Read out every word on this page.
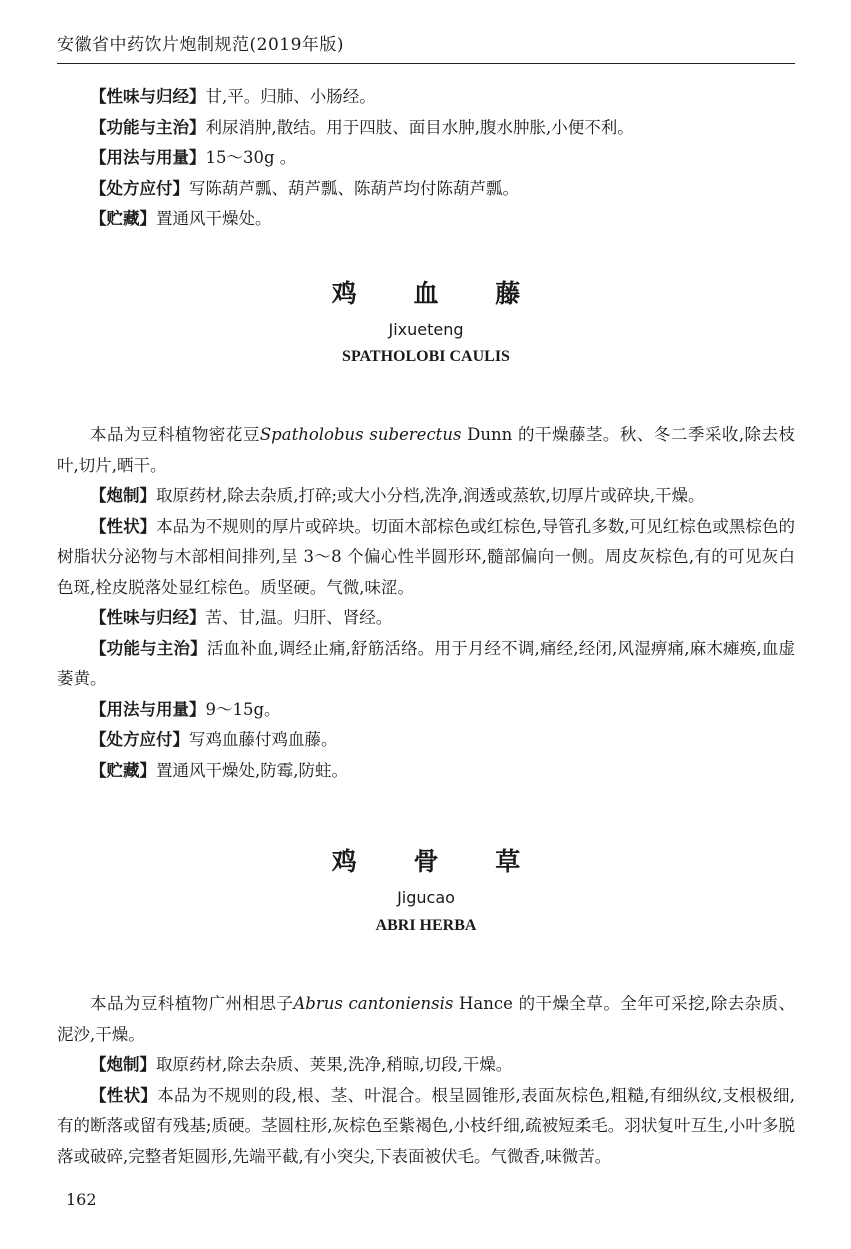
安徽省中药饮片炮制规范(2019年版)

【性味与归经】甘,平。归肺、小肠经。

【功能与主治】利尿消肿,散结。用于四肢、面目水肿,腹水肿胀,小便不利。

【用法与用量】15～30g 。

【处方应付】写陈葫芦瓢、葫芦瓢、陈葫芦均付陈葫芦瓢。

【贮藏】置通风干燥处。

鸡 血 藤
Jixueteng
SPATHOLOBI CAULIS

本品为豆科植物密花豆Spatholobus suberectus Dunn 的干燥藤茎。秋、冬二季采收,除去枝叶,切片,晒干。

【炮制】取原药材,除去杂质,打碎;或大小分档,洗净,润透或蒸软,切厚片或碎块,干燥。

【性状】本品为不规则的厚片或碎块。切面木部棕色或红棕色,导管孔多数,可见红棕色或黑棕色的树脂状分泌物与木部相间排列,呈 3～8 个偏心性半圆形环,髓部偏向一侧。周皮灰棕色,有的可见灰白色斑,栓皮脱落处显红棕色。质坚硬。气微,味涩。

【性味与归经】苦、甘,温。归肝、肾经。

【功能与主治】活血补血,调经止痛,舒筋活络。用于月经不调,痛经,经闭,风湿痹痛,麻木瘫痪,血虚萎黄。

【用法与用量】9～15g。

【处方应付】写鸡血藤付鸡血藤。

【贮藏】置通风干燥处,防霉,防蛀。

鸡 骨 草
Jigucao
ABRI HERBA

本品为豆科植物广州相思子Abrus cantoniensis Hance 的干燥全草。全年可采挖,除去杂质、泥沙,干燥。

【炮制】取原药材,除去杂质、荚果,洗净,稍晾,切段,干燥。

【性状】本品为不规则的段,根、茎、叶混合。根呈圆锥形,表面灰棕色,粗糙,有细纵纹,支根极细,有的断落或留有残基;质硬。茎圆柱形,灰棕色至紫褐色,小枝纤细,疏被短柔毛。羽状复叶互生,小叶多脱落或破碎,完整者矩圆形,先端平截,有小突尖,下表面被伏毛。气微香,味微苦。

162
